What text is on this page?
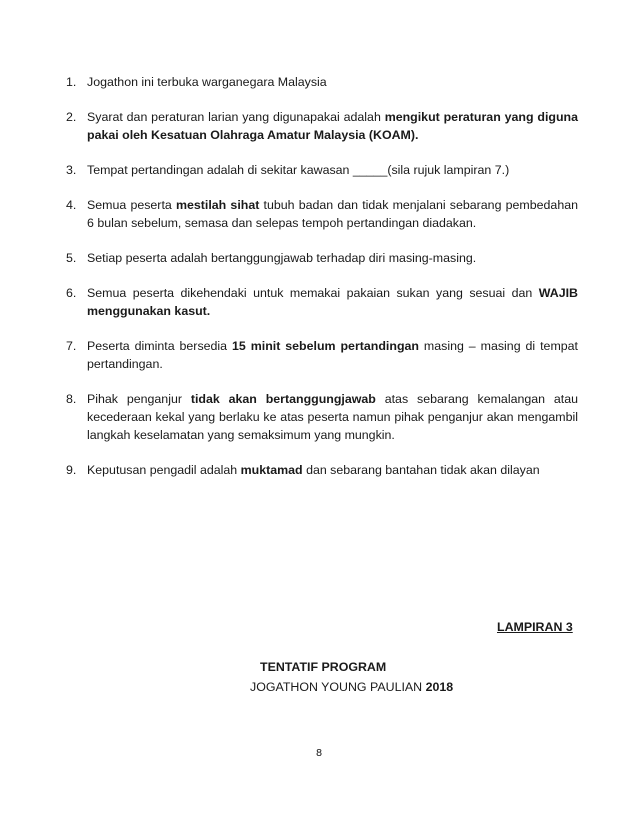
1. Jogathon ini terbuka warganegara Malaysia
2. Syarat dan peraturan larian yang digunapakai adalah mengikut peraturan yang diguna pakai oleh Kesatuan Olahraga Amatur Malaysia (KOAM).
3. Tempat pertandingan adalah di sekitar kawasan _____(sila rujuk lampiran 7.)
4. Semua peserta mestilah sihat tubuh badan dan tidak menjalani sebarang pembedahan 6 bulan sebelum, semasa dan selepas tempoh pertandingan diadakan.
5. Setiap peserta adalah bertanggungjawab terhadap diri masing-masing.
6. Semua peserta dikehendaki untuk memakai pakaian sukan yang sesuai dan WAJIB menggunakan kasut.
7. Peserta diminta bersedia 15 minit sebelum pertandingan masing – masing di tempat pertandingan.
8. Pihak penganjur tidak akan bertanggungjawab atas sebarang kemalangan atau kecederaan kekal yang berlaku ke atas peserta namun pihak penganjur akan mengambil langkah keselamatan yang semaksimum yang mungkin.
9. Keputusan pengadil adalah muktamad dan sebarang bantahan tidak akan dilayan
LAMPIRAN 3
TENTATIF PROGRAM
JOGATHON YOUNG PAULIAN 2018
8
